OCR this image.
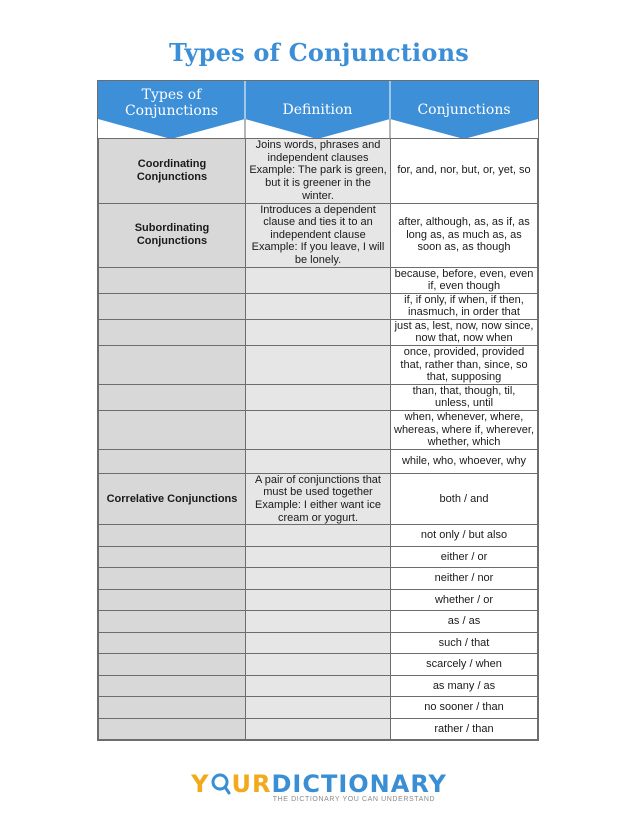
Types of Conjunctions
Types of Conjunctions	Definition	Conjunctions
Coordinating Conjunctions	Joins words, phrases and independent clauses Example: The park is green, but it is greener in the winter.	for, and, nor, but, or, yet, so
Subordinating Conjunctions	Introduces a dependent clause and ties it to an independent clause Example: If you leave, I will be lonely.	after, although, as, as if, as long as, as much as, as soon as, as though
		because, before, even, even if, even though
		if, if only, if when, if then, inasmuch, in order that
		just as, lest, now, now since, now that, now when
		once, provided, provided that, rather than, since, so that, supposing
		than, that, though, til, unless, until
		when, whenever, where, whereas, where if, wherever, whether, which
		while, who, whoever, why
Correlative Conjunctions	A pair of conjunctions that must be used together Example: I either want ice cream or yogurt.	both / and
		not only / but also
		either / or
		neither / nor
		whether / or
		as / as
		such / that
		scarcely / when
		as many / as
		no sooner / than
		rather / than
Y UR DICTIONARY
THE DICTIONARY YOU CAN UNDERSTAND
